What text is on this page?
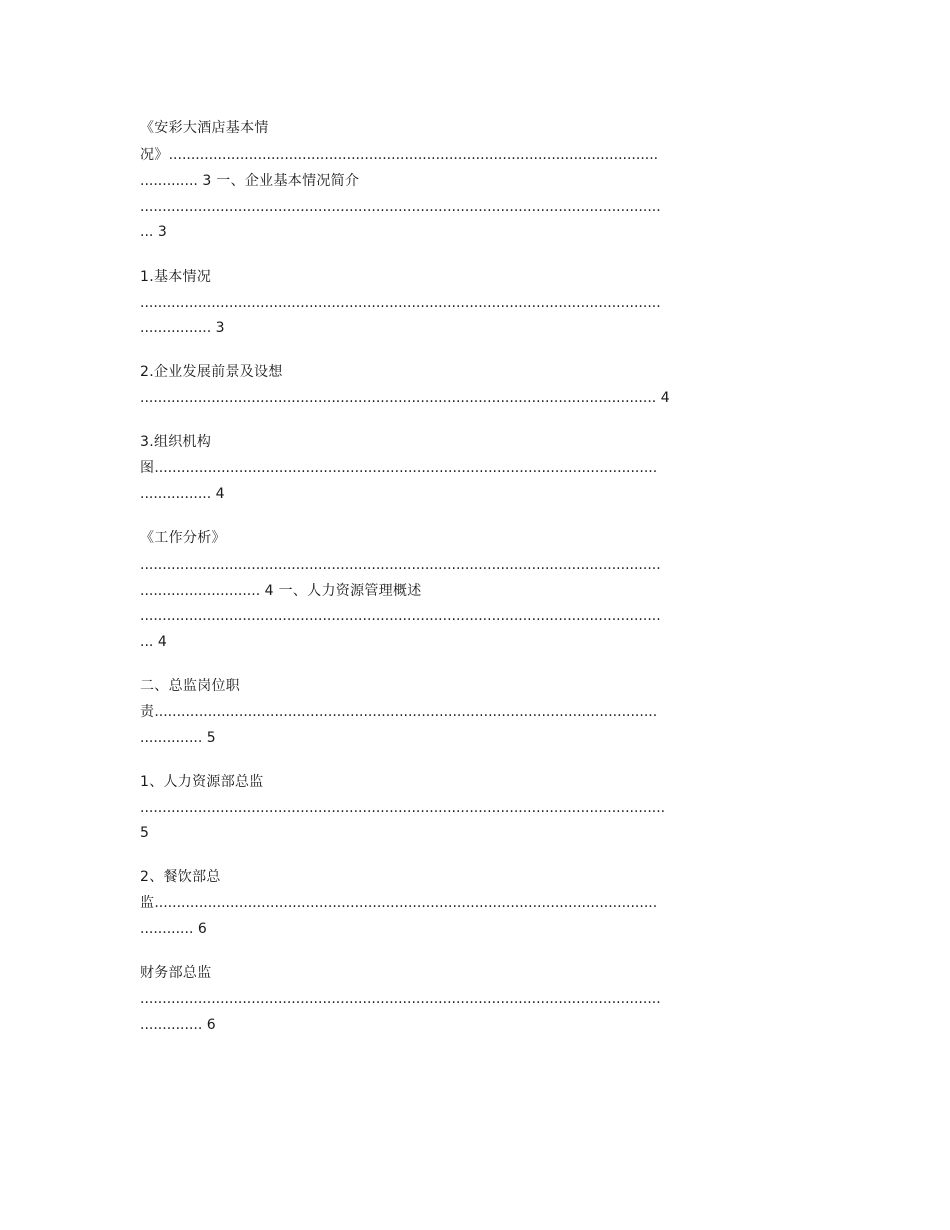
《安彩大酒店基本情
况》..............................................................................................................
............. 3 一、企业基本情况简介
.....................................................................................................................
... 3
1.基本情况
.....................................................................................................................
................ 3
2.企业发展前景及设想
.................................................................................................................... 4
3.组织机构
图.................................................................................................................
................ 4
《工作分析》
.....................................................................................................................
........................... 4 一、人力资源管理概述
.....................................................................................................................
... 4
二、总监岗位职
责.................................................................................................................
.............. 5
1、人力资源部总监
......................................................................................................................
5
2、餐饮部总
监.................................................................................................................
............ 6
财务部总监
.....................................................................................................................
.............. 6
